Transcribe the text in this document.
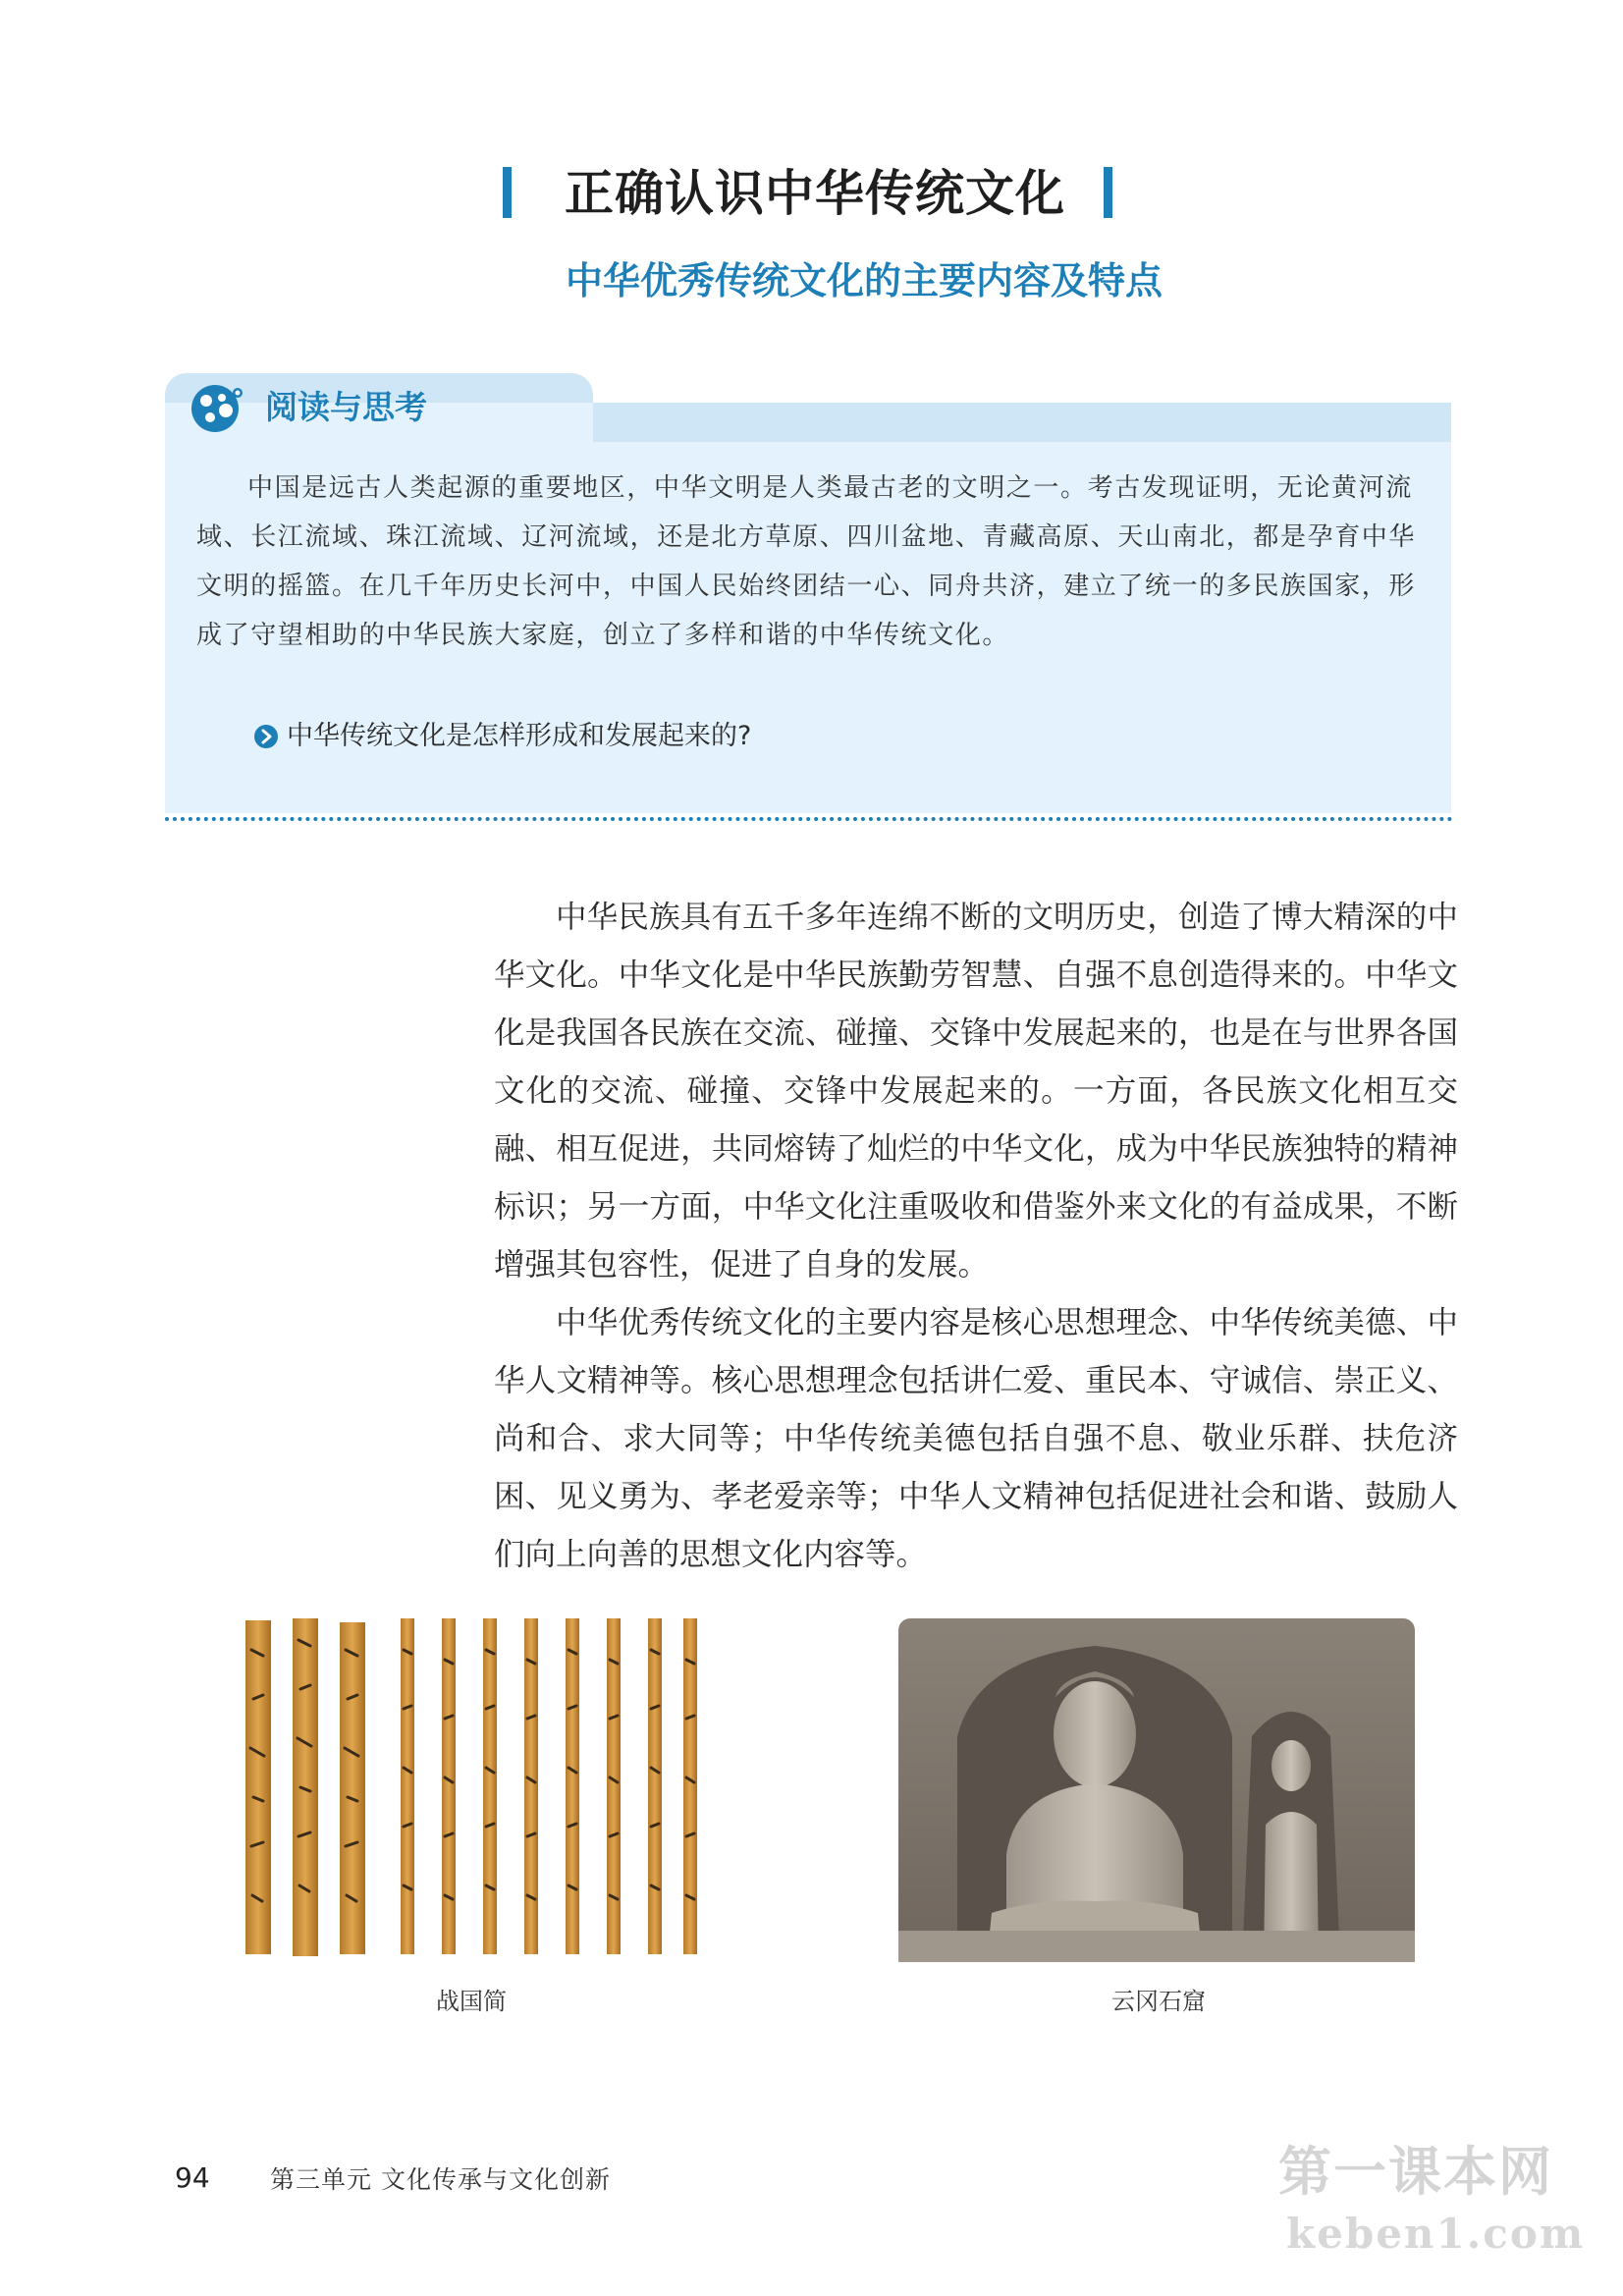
正确认识中华传统文化
中华优秀传统文化的主要内容及特点
阅读与思考
中国是远古人类起源的重要地区，中华文明是人类最古老的文明之一。考古发现证明，无论黄河流域、长江流域、珠江流域、辽河流域，还是北方草原、四川盆地、青藏高原、天山南北，都是孕育中华文明的摇篮。在几千年历史长河中，中国人民始终团结一心、同舟共济，建立了统一的多民族国家，形成了守望相助的中华民族大家庭，创立了多样和谐的中华传统文化。
中华传统文化是怎样形成和发展起来的?

中华民族具有五千多年连绵不断的文明历史，创造了博大精深的中华文化。中华文化是中华民族勤劳智慧、自强不息创造得来的。中华文化是我国各民族在交流、碰撞、交锋中发展起来的，也是在与世界各国文化的交流、碰撞、交锋中发展起来的。一方面，各民族文化相互交融、相互促进，共同熔铸了灿烂的中华文化，成为中华民族独特的精神标识；另一方面，中华文化注重吸收和借鉴外来文化的有益成果，不断增强其包容性，促进了自身的发展。

中华优秀传统文化的主要内容是核心思想理念、中华传统美德、中华人文精神等。核心思想理念包括讲仁爱、重民本、守诚信、崇正义、尚和合、求大同等；中华传统美德包括自强不息、敬业乐群、扶危济困、见义勇为、孝老爱亲等；中华人文精神包括促进社会和谐、鼓励人们向上向善的思想文化内容等。

战国简	云冈石窟
94 第三单元 文化传承与文化创新	第一课本网
keben1.com
